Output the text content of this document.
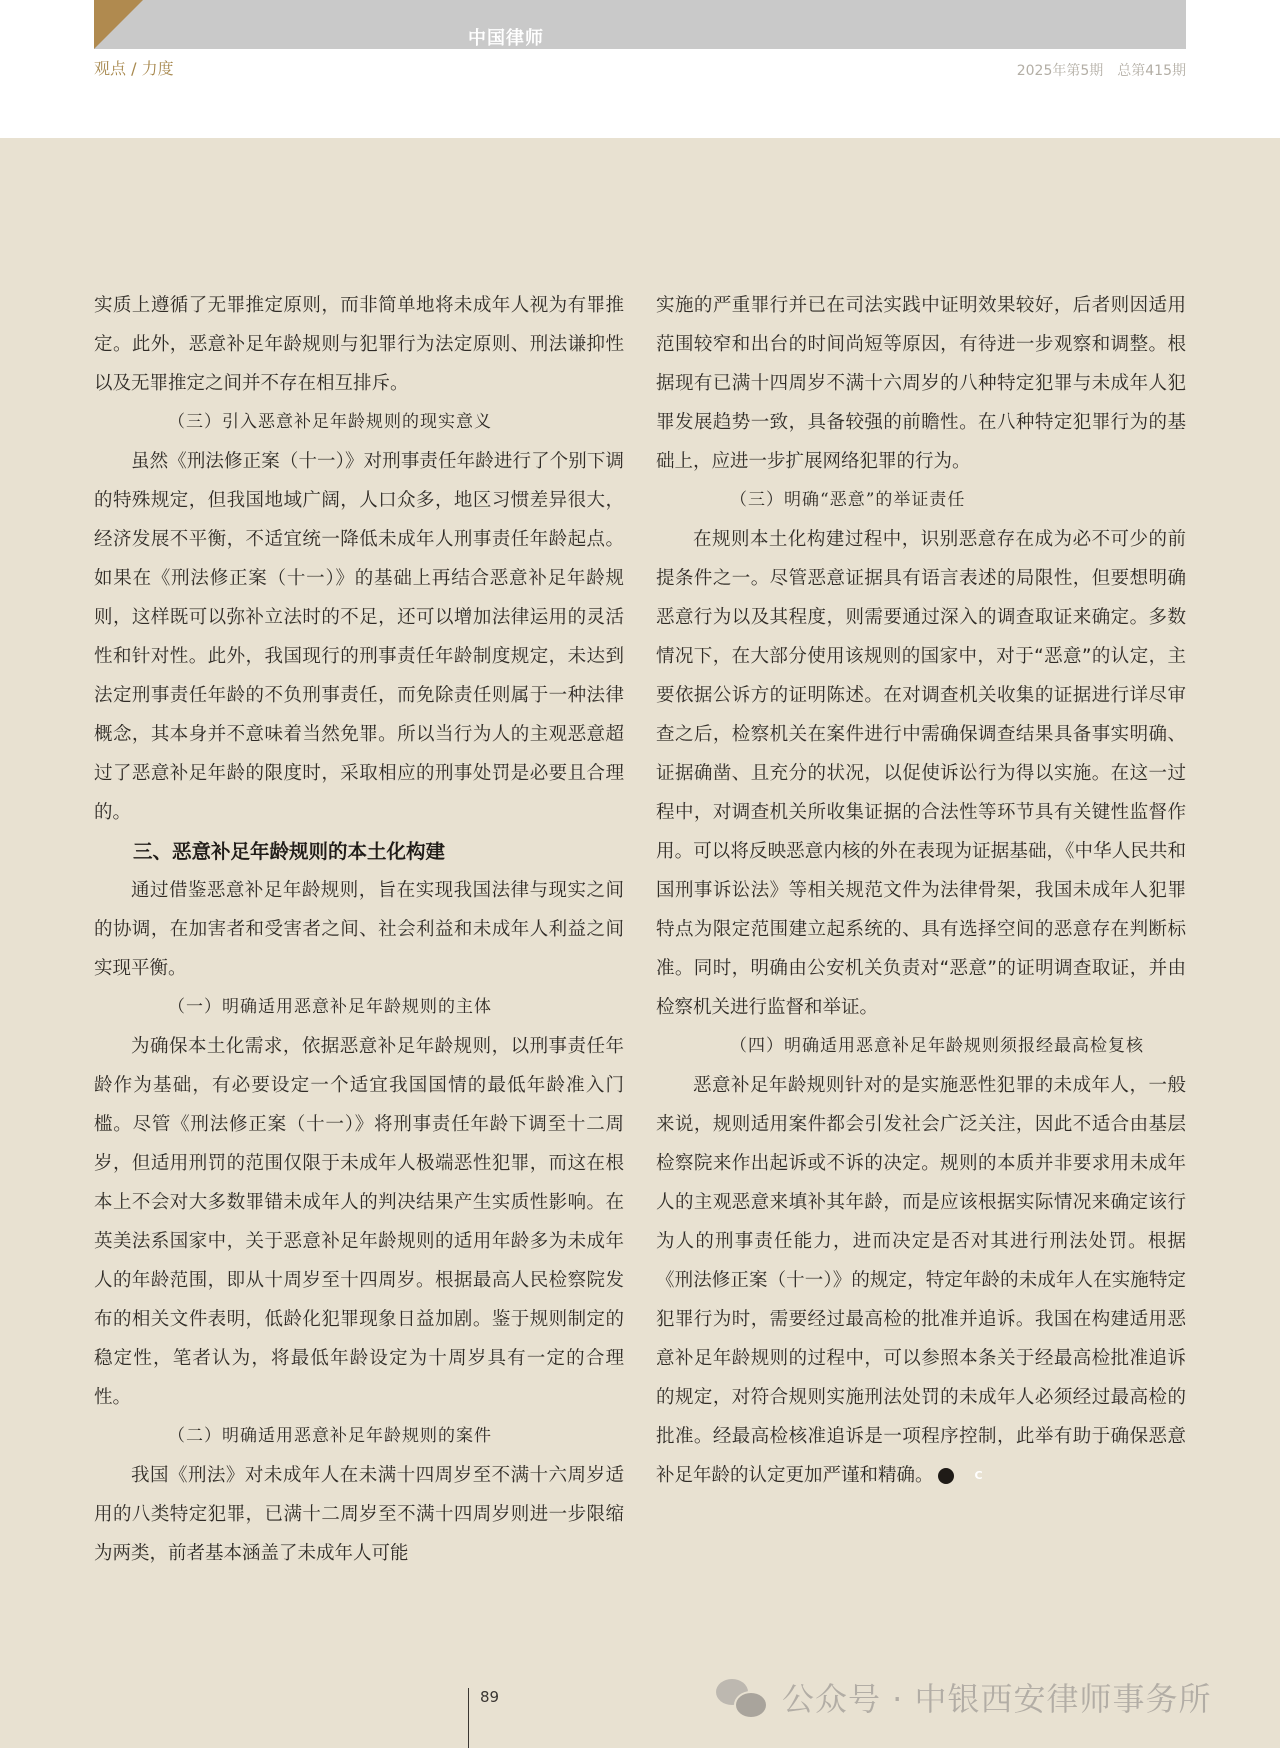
中国律师
观点 / 力度	2025年第5期　总第415期

实质上遵循了无罪推定原则，而非简单地将未成年人视为有罪推定。此外，恶意补足年龄规则与犯罪行为法定原则、刑法谦抑性以及无罪推定之间并不存在相互排斥。

（三）引入恶意补足年龄规则的现实意义

虽然《刑法修正案（十一）》对刑事责任年龄进行了个别下调的特殊规定，但我国地域广阔，人口众多，地区习惯差异很大，经济发展不平衡，不适宜统一降低未成年人刑事责任年龄起点。如果在《刑法修正案（十一）》的基础上再结合恶意补足年龄规则，这样既可以弥补立法时的不足，还可以增加法律运用的灵活性和针对性。此外，我国现行的刑事责任年龄制度规定，未达到法定刑事责任年龄的不负刑事责任，而免除责任则属于一种法律概念，其本身并不意味着当然免罪。所以当行为人的主观恶意超过了恶意补足年龄的限度时，采取相应的刑事处罚是必要且合理的。

三、恶意补足年龄规则的本土化构建

通过借鉴恶意补足年龄规则，旨在实现我国法律与现实之间的协调，在加害者和受害者之间、社会利益和未成年人利益之间实现平衡。

（一）明确适用恶意补足年龄规则的主体

为确保本土化需求，依据恶意补足年龄规则，以刑事责任年龄作为基础，有必要设定一个适宜我国国情的最低年龄准入门槛。尽管《刑法修正案（十一）》将刑事责任年龄下调至十二周岁，但适用刑罚的范围仅限于未成年人极端恶性犯罪，而这在根本上不会对大多数罪错未成年人的判决结果产生实质性影响。在英美法系国家中，关于恶意补足年龄规则的适用年龄多为未成年人的年龄范围，即从十周岁至十四周岁。根据最高人民检察院发布的相关文件表明，低龄化犯罪现象日益加剧。鉴于规则制定的稳定性，笔者认为，将最低年龄设定为十周岁具有一定的合理性。

（二）明确适用恶意补足年龄规则的案件

我国《刑法》对未成年人在未满十四周岁至不满十六周岁适用的八类特定犯罪，已满十二周岁至不满十四周岁则进一步限缩为两类，前者基本涵盖了未成年人可能

实施的严重罪行并已在司法实践中证明效果较好，后者则因适用范围较窄和出台的时间尚短等原因，有待进一步观察和调整。根据现有已满十四周岁不满十六周岁的八种特定犯罪与未成年人犯罪发展趋势一致，具备较强的前瞻性。在八种特定犯罪行为的基础上，应进一步扩展网络犯罪的行为。

（三）明确“恶意”的举证责任

在规则本土化构建过程中，识别恶意存在成为必不可少的前提条件之一。尽管恶意证据具有语言表述的局限性，但要想明确恶意行为以及其程度，则需要通过深入的调查取证来确定。多数情况下，在大部分使用该规则的国家中，对于“恶意”的认定，主要依据公诉方的证明陈述。在对调查机关收集的证据进行详尽审查之后，检察机关在案件进行中需确保调查结果具备事实明确、证据确凿、且充分的状况，以促使诉讼行为得以实施。在这一过程中，对调查机关所收集证据的合法性等环节具有关键性监督作用。可以将反映恶意内核的外在表现为证据基础，《中华人民共和国刑事诉讼法》等相关规范文件为法律骨架，我国未成年人犯罪特点为限定范围建立起系统的、具有选择空间的恶意存在判断标准。同时，明确由公安机关负责对“恶意”的证明调查取证，并由检察机关进行监督和举证。

（四）明确适用恶意补足年龄规则须报经最高检复核

恶意补足年龄规则针对的是实施恶性犯罪的未成年人，一般来说，规则适用案件都会引发社会广泛关注，因此不适合由基层检察院来作出起诉或不诉的决定。规则的本质并非要求用未成年人的主观恶意来填补其年龄，而是应该根据实际情况来确定该行为人的刑事责任能力，进而决定是否对其进行刑法处罚。根据《刑法修正案（十一）》的规定，特定年龄的未成年人在实施特定犯罪行为时，需要经过最高检的批准并追诉。我国在构建适用恶意补足年龄规则的过程中，可以参照本条关于经最高检批准追诉的规定，对符合规则实施刑法处罚的未成年人必须经过最高检的批准。经最高检核准追诉是一项程序控制，此举有助于确保恶意补足年龄的认定更加严谨和精确。	C

89	公众号 · 中银西安律师事务所
